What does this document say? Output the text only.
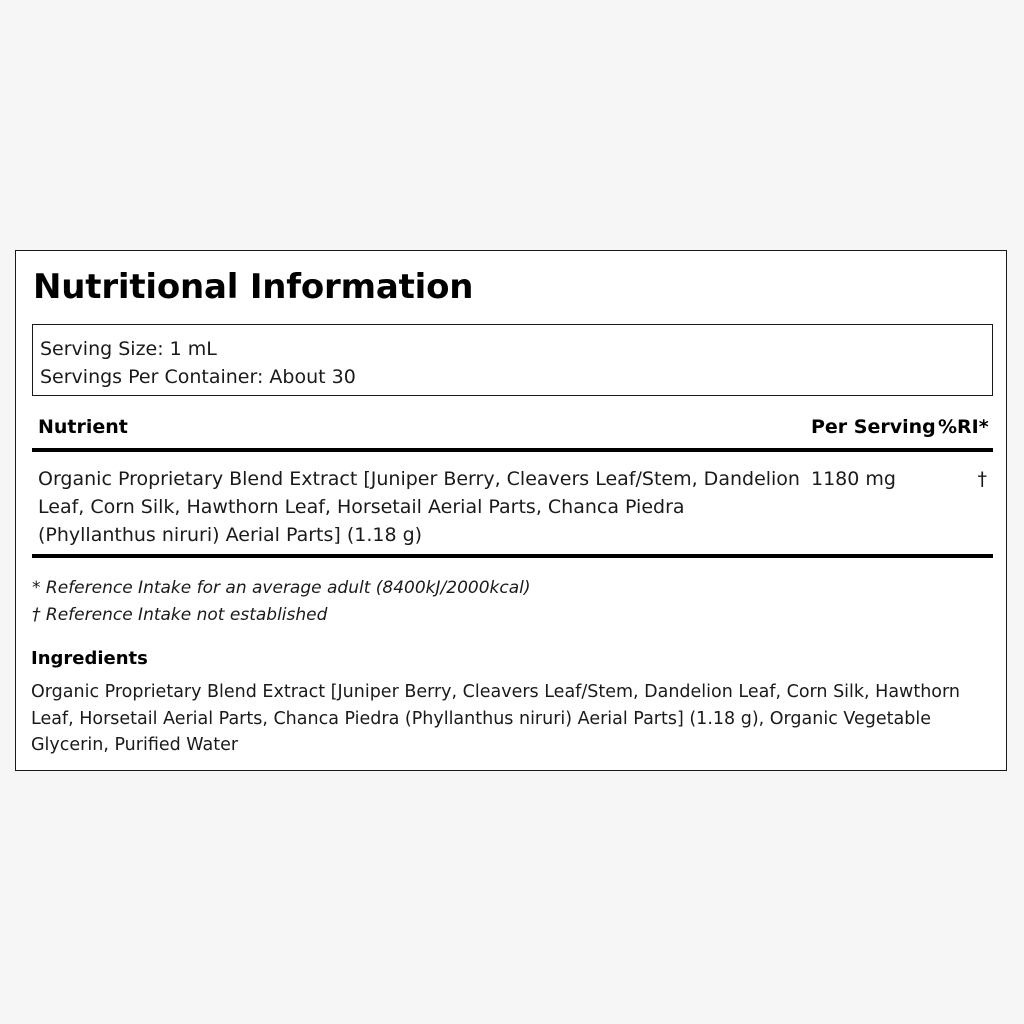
Nutritional Information
Serving Size: 1 mL
Servings Per Container: About 30
Nutrient	Per Serving %RI*
Organic Proprietary Blend Extract [Juniper Berry, Cleavers Leaf/Stem, Dandelion Leaf, Corn Silk, Hawthorn Leaf, Horsetail Aerial Parts, Chanca Piedra (Phyllanthus niruri) Aerial Parts] (1.18 g)
1180 mg	†
* Reference Intake for an average adult (8400kJ/2000kcal)
† Reference Intake not established
Ingredients
Organic Proprietary Blend Extract [Juniper Berry, Cleavers Leaf/Stem, Dandelion Leaf, Corn Silk, Hawthorn Leaf, Horsetail Aerial Parts, Chanca Piedra (Phyllanthus niruri) Aerial Parts] (1.18 g), Organic Vegetable Glycerin, Purified Water
